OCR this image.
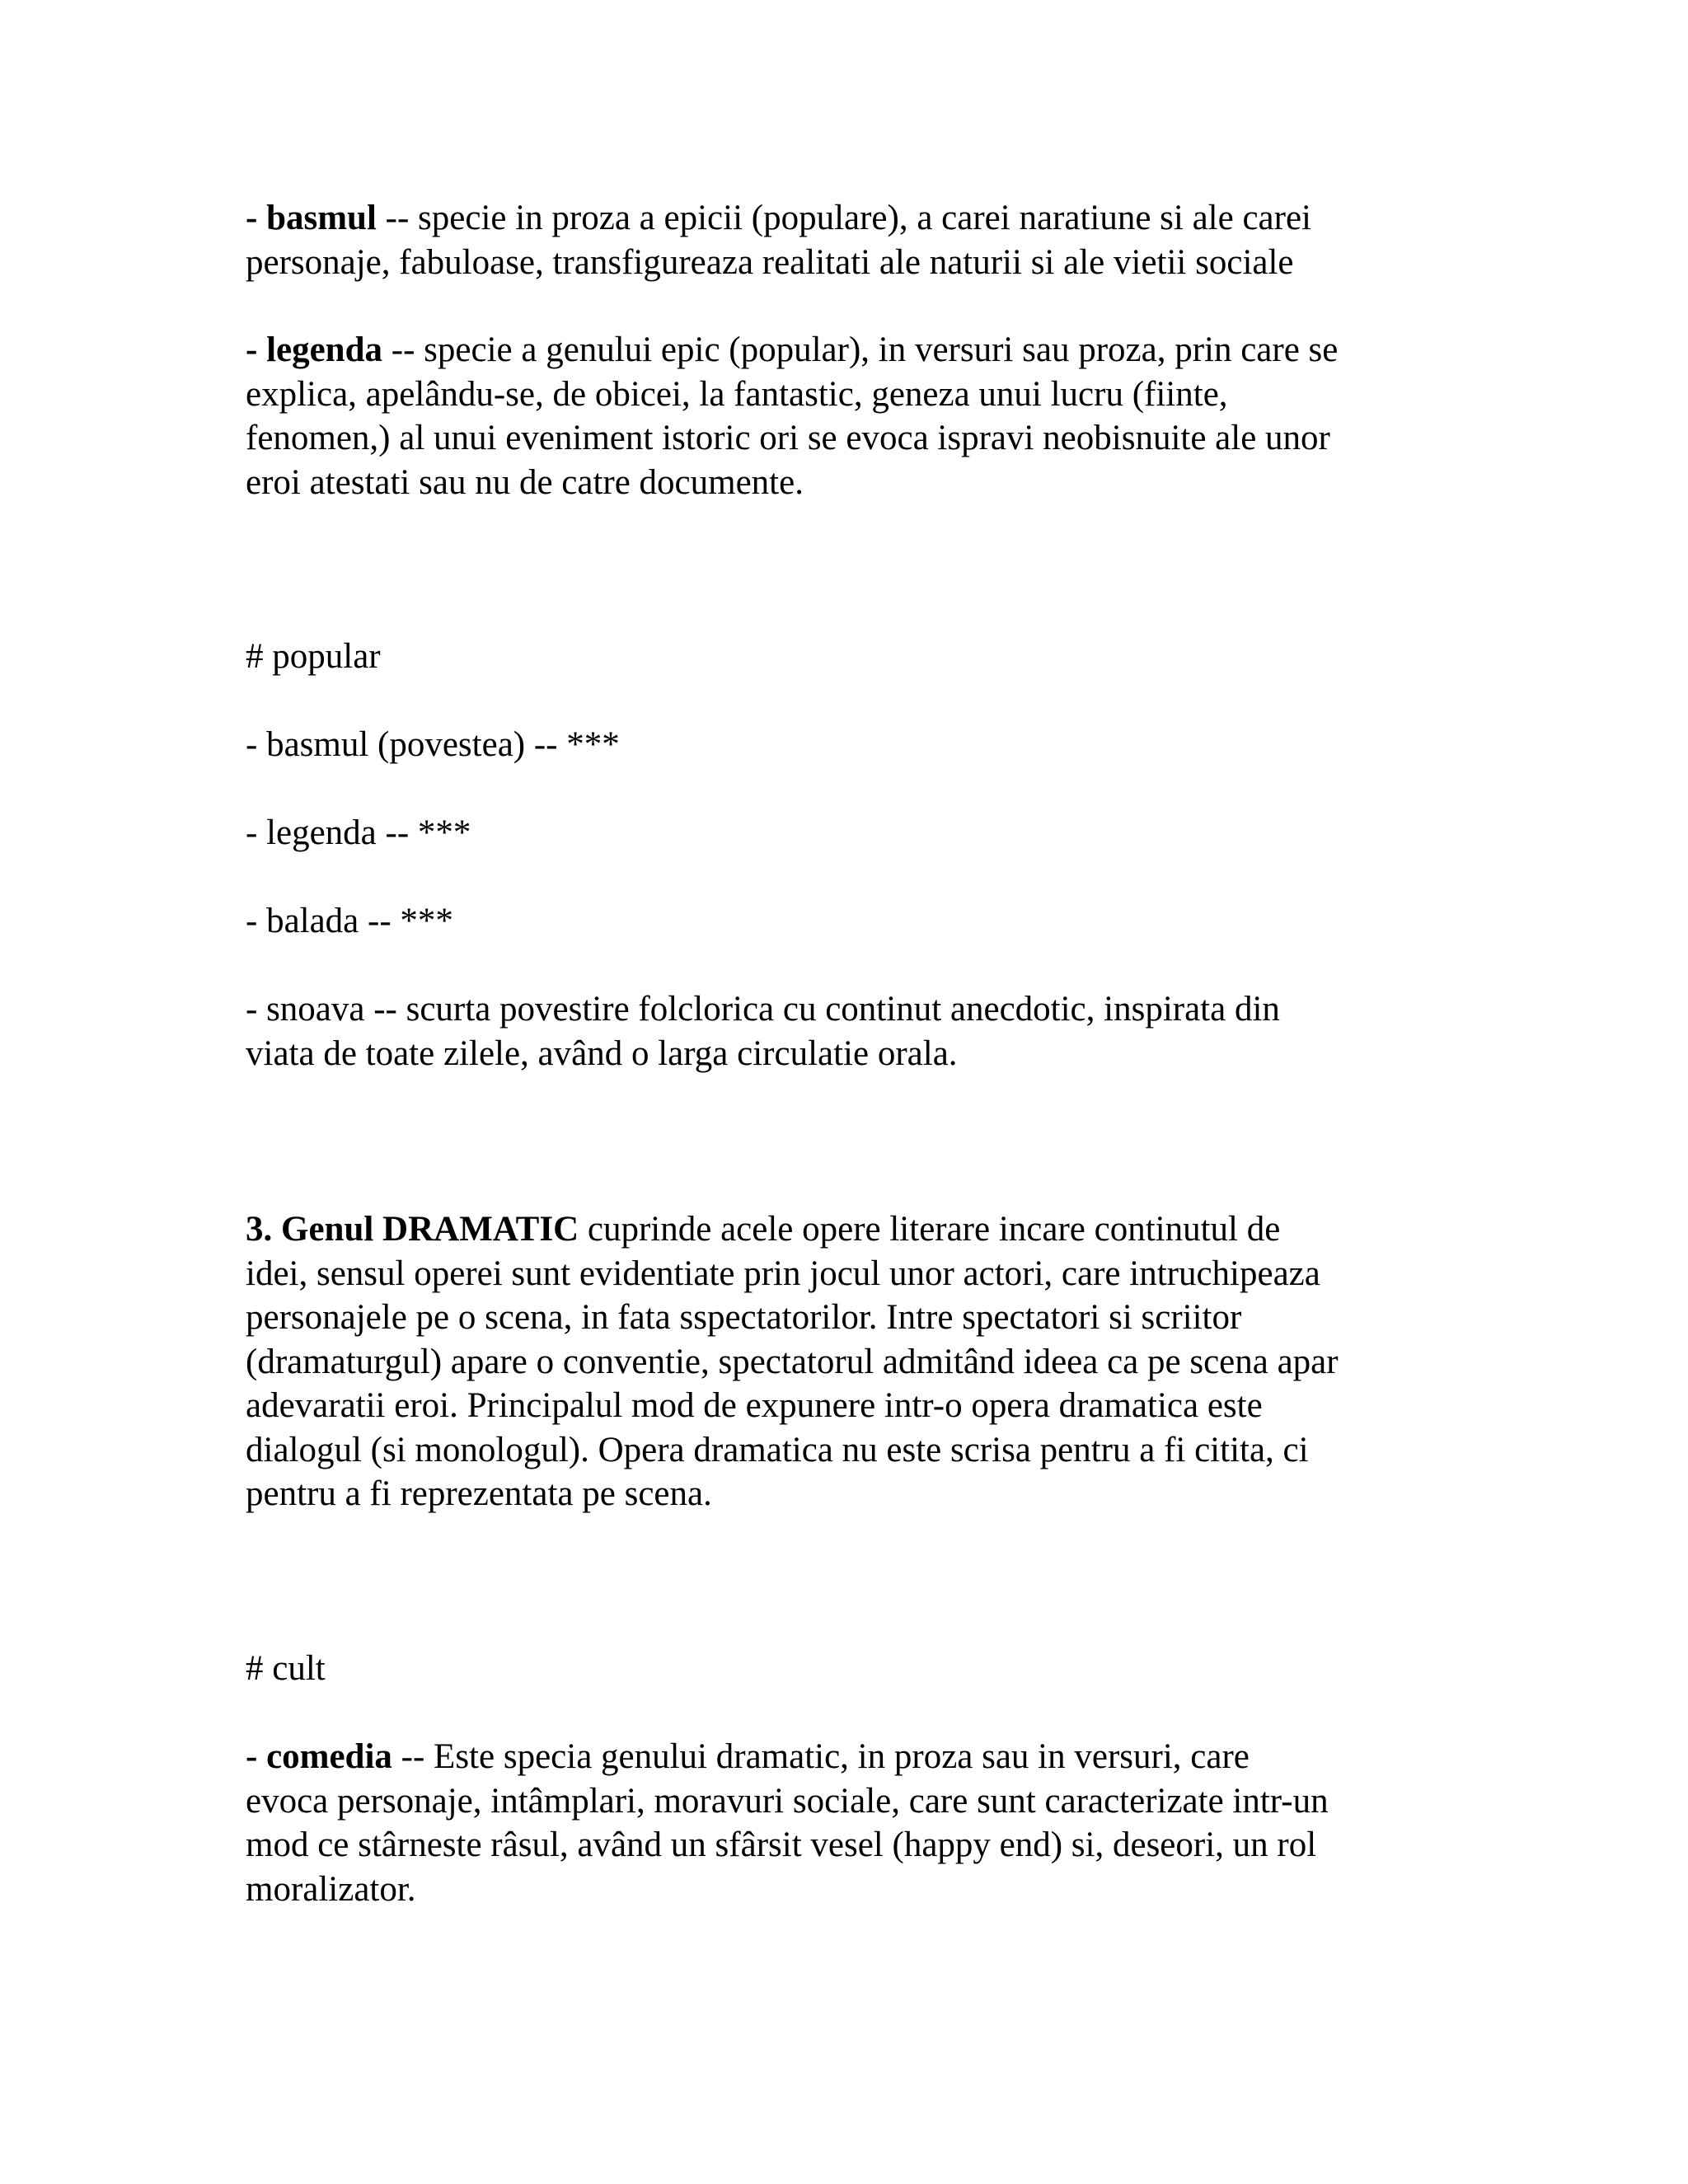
- basmul -- specie in proza a epicii (populare), a carei naratiune si ale carei
personaje, fabuloase, transfigureaza realitati ale naturii si ale vietii sociale

- legenda -- specie a genului epic (popular), in versuri sau proza, prin care se
explica, apelându-se, de obicei, la fantastic, geneza unui lucru (fiinte,
fenomen,) al unui eveniment istoric ori se evoca ispravi neobisnuite ale unor
eroi atestati sau nu de catre documente.

# popular

- basmul (povestea) -- ***

- legenda -- ***

- balada -- ***

- snoava -- scurta povestire folclorica cu continut anecdotic, inspirata din
viata de toate zilele, având o larga circulatie orala.

3. Genul DRAMATIC cuprinde acele opere literare incare continutul de
idei, sensul operei sunt evidentiate prin jocul unor actori, care intruchipeaza
personajele pe o scena, in fata sspectatorilor. Intre spectatori si scriitor
(dramaturgul) apare o conventie, spectatorul admitând ideea ca pe scena apar
adevaratii eroi. Principalul mod de expunere intr-o opera dramatica este
dialogul (si monologul). Opera dramatica nu este scrisa pentru a fi citita, ci
pentru a fi reprezentata pe scena.

# cult

- comedia -- Este specia genului dramatic, in proza sau in versuri, care
evoca personaje, intâmplari, moravuri sociale, care sunt caracterizate intr-un
mod ce stârneste râsul, având un sfârsit vesel (happy end) si, deseori, un rol
moralizator.
